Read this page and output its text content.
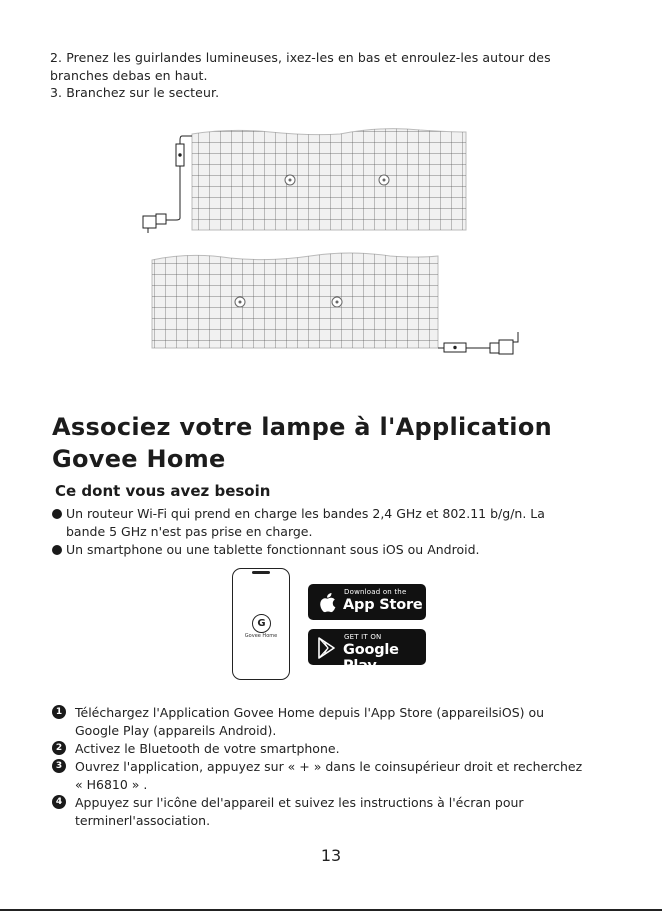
2. Prenez les guirlandes lumineuses, ixez-les en bas et enroulez-les autour des
branches debas en haut.
3. Branchez sur le secteur.
Associez votre lampe à l'Application
Govee Home
Ce dont vous avez besoin
Un routeur Wi-Fi qui prend en charge les bandes 2,4 GHz et 802.11 b/g/n. La
bande 5 GHz n'est pas prise en charge.
Un smartphone ou une tablette fonctionnant sous iOS ou Android.
G
Govee Home
Download on the
App Store
GET IT ON
Google Play
1	Téléchargez l'Application Govee Home depuis l'App Store (appareilsiOS) ou
Google Play (appareils Android).
2	Activez le Bluetooth de votre smartphone.
3	Ouvrez l'application, appuyez sur « + » dans le coinsupérieur droit et recherchez
« H6810 » .
4	Appuyez sur l'icône del'appareil et suivez les instructions à l'écran pour
terminerl'association.
13
